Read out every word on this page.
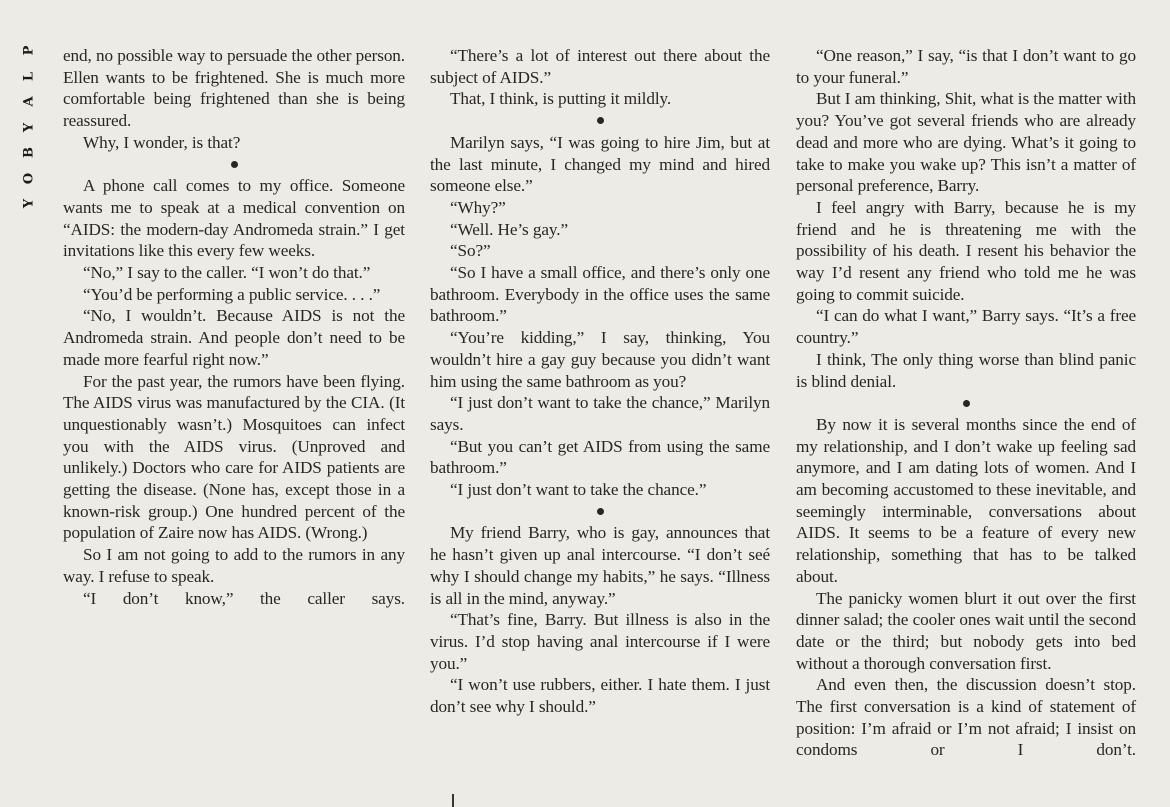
P
L
A
Y
B
O
Y

end, no possible way to persuade the other person. Ellen wants to be frightened. She is much more comfortable being frightened than she is being reassured.

Why, I wonder, is that?

A phone call comes to my office. Someone wants me to speak at a medical convention on “AIDS: the modern-day Andromeda strain.” I get invitations like this every few weeks.

“No,” I say to the caller. “I won’t do that.”

“You’d be performing a public service. . . .”

“No, I wouldn’t. Because AIDS is not the Andromeda strain. And people don’t need to be made more fearful right now.”

For the past year, the rumors have been flying. The AIDS virus was manufactured by the CIA. (It unquestionably wasn’t.) Mosquitoes can infect you with the AIDS virus. (Unproved and unlikely.) Doctors who care for AIDS patients are getting the disease. (None has, except those in a known-risk group.) One hundred percent of the population of Zaire now has AIDS. (Wrong.)

So I am not going to add to the rumors in any way. I refuse to speak.

“I don’t know,” the caller says.

“There’s a lot of interest out there about the subject of AIDS.”

That, I think, is putting it mildly.

Marilyn says, “I was going to hire Jim, but at the last minute, I changed my mind and hired someone else.”

“Why?”

“Well. He’s gay.”

“So?”

“So I have a small office, and there’s only one bathroom. Everybody in the office uses the same bathroom.”

“You’re kidding,” I say, thinking, You wouldn’t hire a gay guy because you didn’t want him using the same bathroom as you?

“I just don’t want to take the chance,” Marilyn says.

“But you can’t get AIDS from using the same bathroom.”

“I just don’t want to take the chance.”

My friend Barry, who is gay, announces that he hasn’t given up anal intercourse. “I don’t seé why I should change my habits,” he says. “Illness is all in the mind, anyway.”

“That’s fine, Barry. But illness is also in the virus. I’d stop having anal intercourse if I were you.”

“I won’t use rubbers, either. I hate them. I just don’t see why I should.”

“One reason,” I say, “is that I don’t want to go to your funeral.”

But I am thinking, Shit, what is the matter with you? You’ve got several friends who are already dead and more who are dying. What’s it going to take to make you wake up? This isn’t a matter of personal preference, Barry.

I feel angry with Barry, because he is my friend and he is threatening me with the possibility of his death. I resent his behavior the way I’d resent any friend who told me he was going to commit suicide.

“I can do what I want,” Barry says. “It’s a free country.”

I think, The only thing worse than blind panic is blind denial.

By now it is several months since the end of my relationship, and I don’t wake up feeling sad anymore, and I am dating lots of women. And I am becoming accustomed to these inevitable, and seemingly interminable, conversations about AIDS. It seems to be a feature of every new relationship, something that has to be talked about.

The panicky women blurt it out over the first dinner salad; the cooler ones wait until the second date or the third; but nobody gets into bed without a thorough conversation first.

And even then, the discussion doesn’t stop. The first conversation is a kind of statement of position: I’m afraid or I’m not afraid; I insist on condoms or I don’t.
